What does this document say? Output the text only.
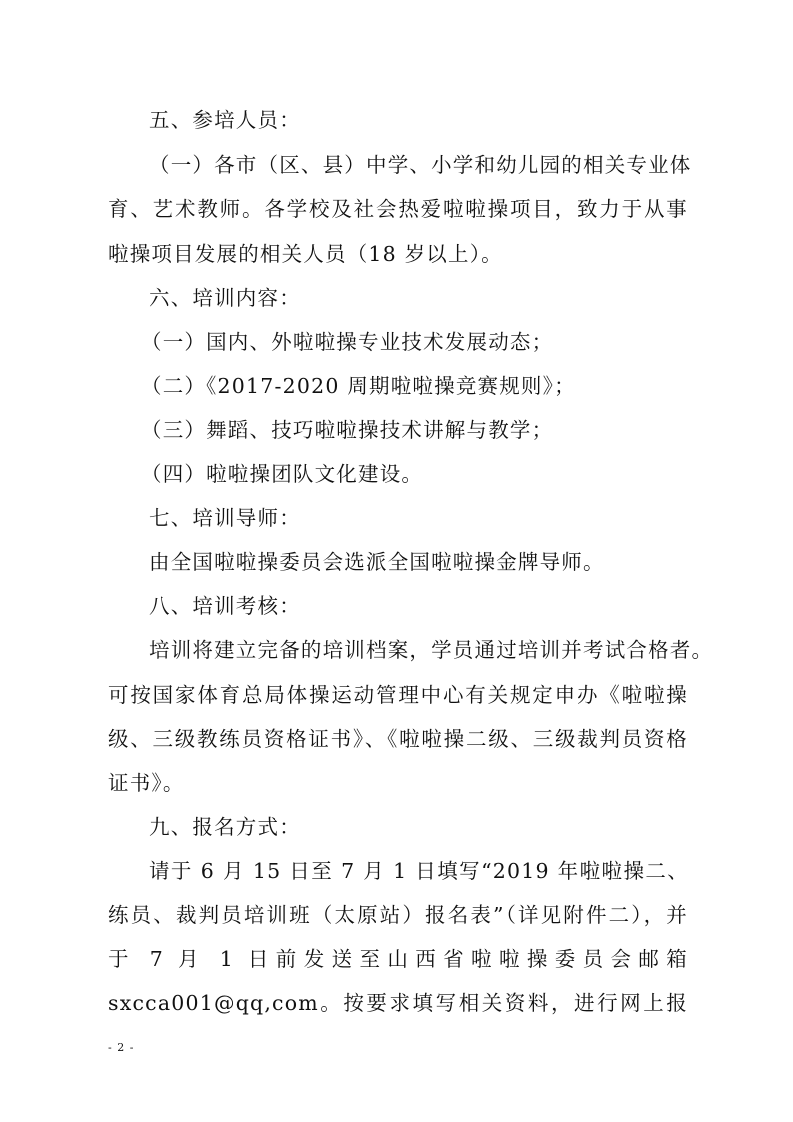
五、参培人员：
（一）各市（区、县）中学、小学和幼儿园的相关专业体
育、艺术教师。各学校及社会热爱啦啦操项目，致力于从事
啦操项目发展的相关人员（18 岁以上）。
六、培训内容：
（一）国内、外啦啦操专业技术发展动态；
（二）《2017-2020 周期啦啦操竞赛规则》；
（三）舞蹈、技巧啦啦操技术讲解与教学；
（四）啦啦操团队文化建设。
七、培训导师：
由全国啦啦操委员会选派全国啦啦操金牌导师。
八、培训考核：
培训将建立完备的培训档案，学员通过培训并考试合格者。
可按国家体育总局体操运动管理中心有关规定申办《啦啦操
级、三级教练员资格证书》、《啦啦操二级、三级裁判员资格
证书》。
九、报名方式：
请于 6 月 15 日至 7 月 1 日填写“2019 年啦啦操二、
练员、裁判员培训班（太原站）报名表”（详见附件二），并
于 7 月 1 日前发送至山西省啦啦操委员会邮箱
sxcca001@qq,com。按要求填写相关资料，进行网上报
- 2 -
